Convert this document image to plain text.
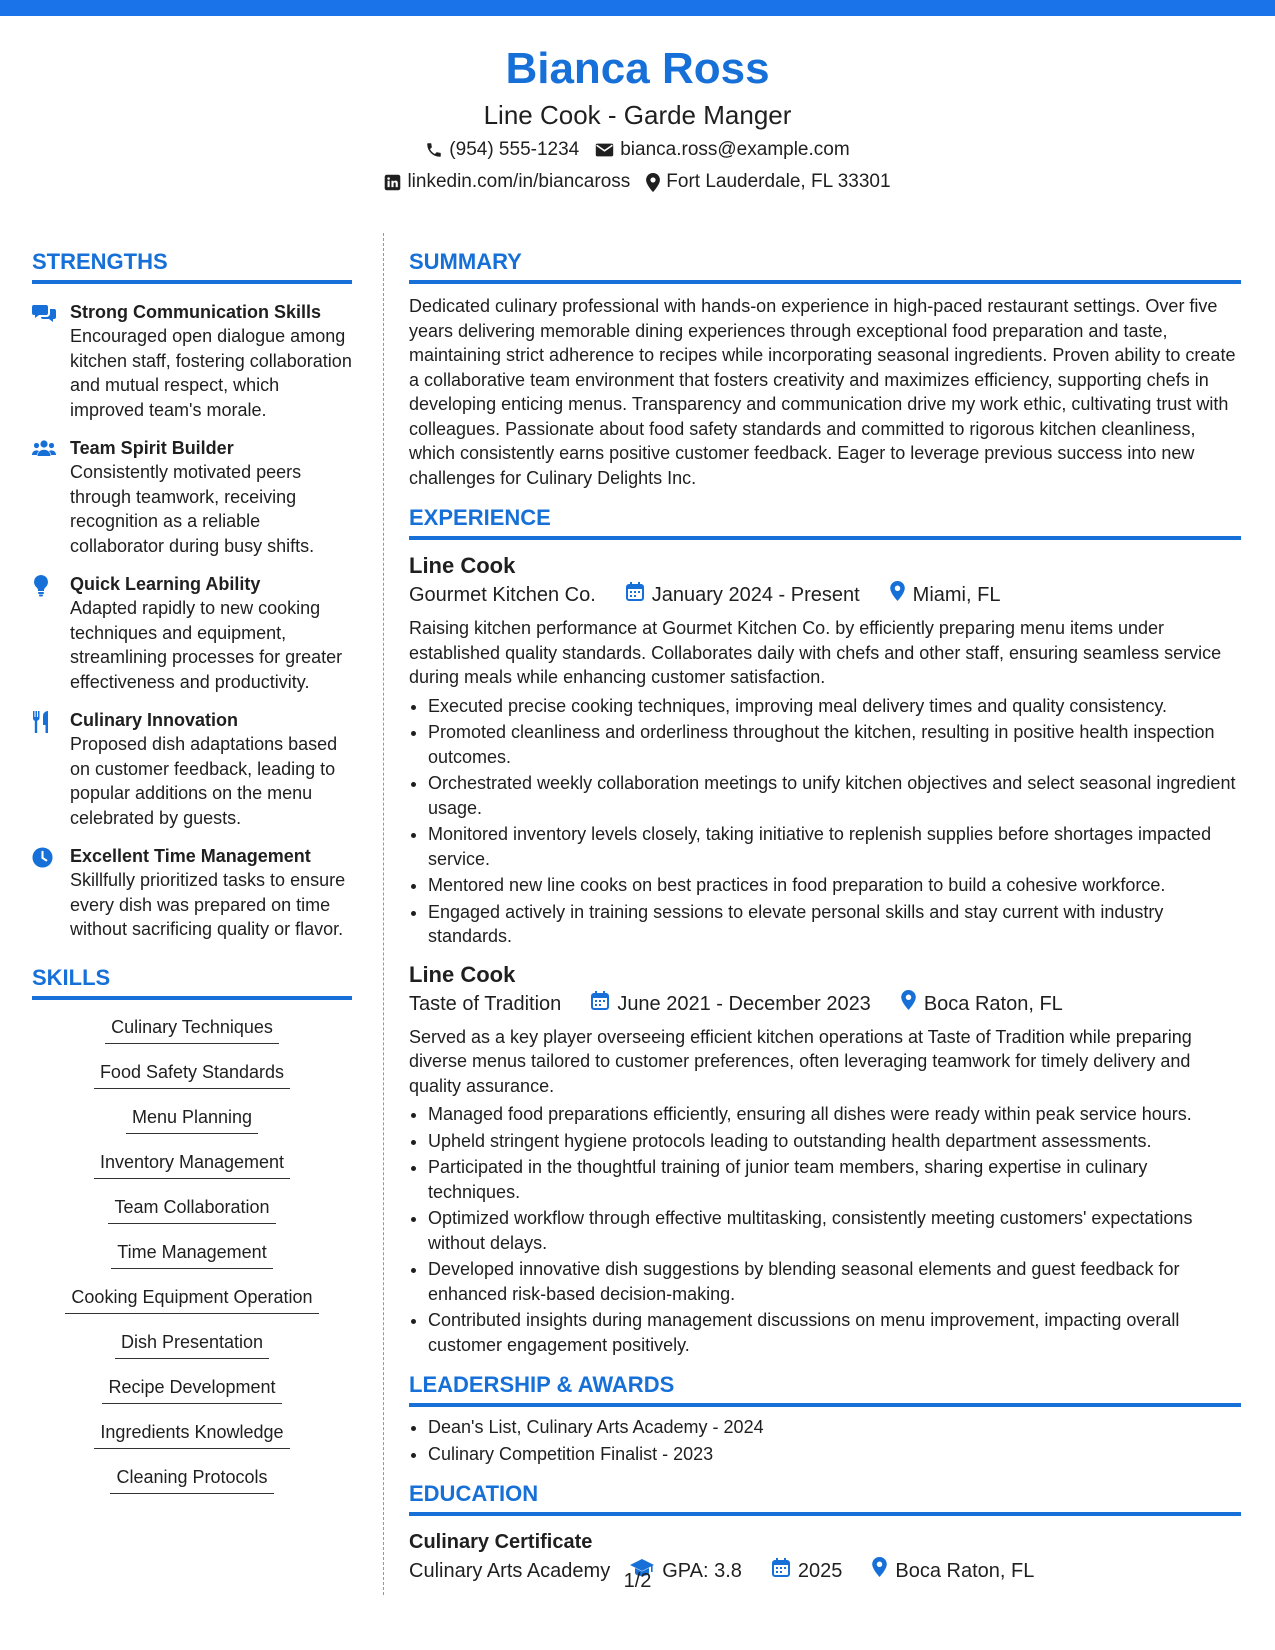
Bianca Ross
Line Cook - Garde Manger
(954) 555-1234 bianca.ross@example.com
linkedin.com/in/biancaross Fort Lauderdale, FL 33301
STRENGTHS
Strong Communication Skills
Encouraged open dialogue among kitchen staff, fostering collaboration and mutual respect, which improved team's morale.
Team Spirit Builder
Consistently motivated peers through teamwork, receiving recognition as a reliable collaborator during busy shifts.
Quick Learning Ability
Adapted rapidly to new cooking techniques and equipment, streamlining processes for greater effectiveness and productivity.
Culinary Innovation
Proposed dish adaptations based on customer feedback, leading to popular additions on the menu celebrated by guests.
Excellent Time Management
Skillfully prioritized tasks to ensure every dish was prepared on time without sacrificing quality or flavor.
SKILLS
Culinary Techniques
Food Safety Standards
Menu Planning
Inventory Management
Team Collaboration
Time Management
Cooking Equipment Operation
Dish Presentation
Recipe Development
Ingredients Knowledge
Cleaning Protocols
SUMMARY

Dedicated culinary professional with hands-on experience in high-paced restaurant settings. Over five years delivering memorable dining experiences through exceptional food preparation and taste, maintaining strict adherence to recipes while incorporating seasonal ingredients. Proven ability to create a collaborative team environment that fosters creativity and maximizes efficiency, supporting chefs in developing enticing menus. Transparency and communication drive my work ethic, cultivating trust with colleagues. Passionate about food safety standards and committed to rigorous kitchen cleanliness, which consistently earns positive customer feedback. Eager to leverage previous success into new challenges for Culinary Delights Inc.

EXPERIENCE
Line Cook
Gourmet Kitchen Co.	January 2024 - Present	Miami, FL

Raising kitchen performance at Gourmet Kitchen Co. by efficiently preparing menu items under established quality standards. Collaborates daily with chefs and other staff, ensuring seamless service during meals while enhancing customer satisfaction.

• Executed precise cooking techniques, improving meal delivery times and quality consistency.
• Promoted cleanliness and orderliness throughout the kitchen, resulting in positive health inspection outcomes.
• Orchestrated weekly collaboration meetings to unify kitchen objectives and select seasonal ingredient usage.
• Monitored inventory levels closely, taking initiative to replenish supplies before shortages impacted service.
• Mentored new line cooks on best practices in food preparation to build a cohesive workforce.
• Engaged actively in training sessions to elevate personal skills and stay current with industry standards.
Line Cook
Taste of Tradition	June 2021 - December 2023	Boca Raton, FL

Served as a key player overseeing efficient kitchen operations at Taste of Tradition while preparing diverse menus tailored to customer preferences, often leveraging teamwork for timely delivery and quality assurance.

• Managed food preparations efficiently, ensuring all dishes were ready within peak service hours.
• Upheld stringent hygiene protocols leading to outstanding health department assessments.
• Participated in the thoughtful training of junior team members, sharing expertise in culinary techniques.
• Optimized workflow through effective multitasking, consistently meeting customers' expectations without delays.
• Developed innovative dish suggestions by blending seasonal elements and guest feedback for enhanced risk-based decision-making.
• Contributed insights during management discussions on menu improvement, impacting overall customer engagement positively.
LEADERSHIP & AWARDS
• Dean's List, Culinary Arts Academy - 2024
• Culinary Competition Finalist - 2023
EDUCATION
Culinary Certificate
Culinary Arts Academy	GPA: 3.8	2025	Boca Raton, FL
1/2
